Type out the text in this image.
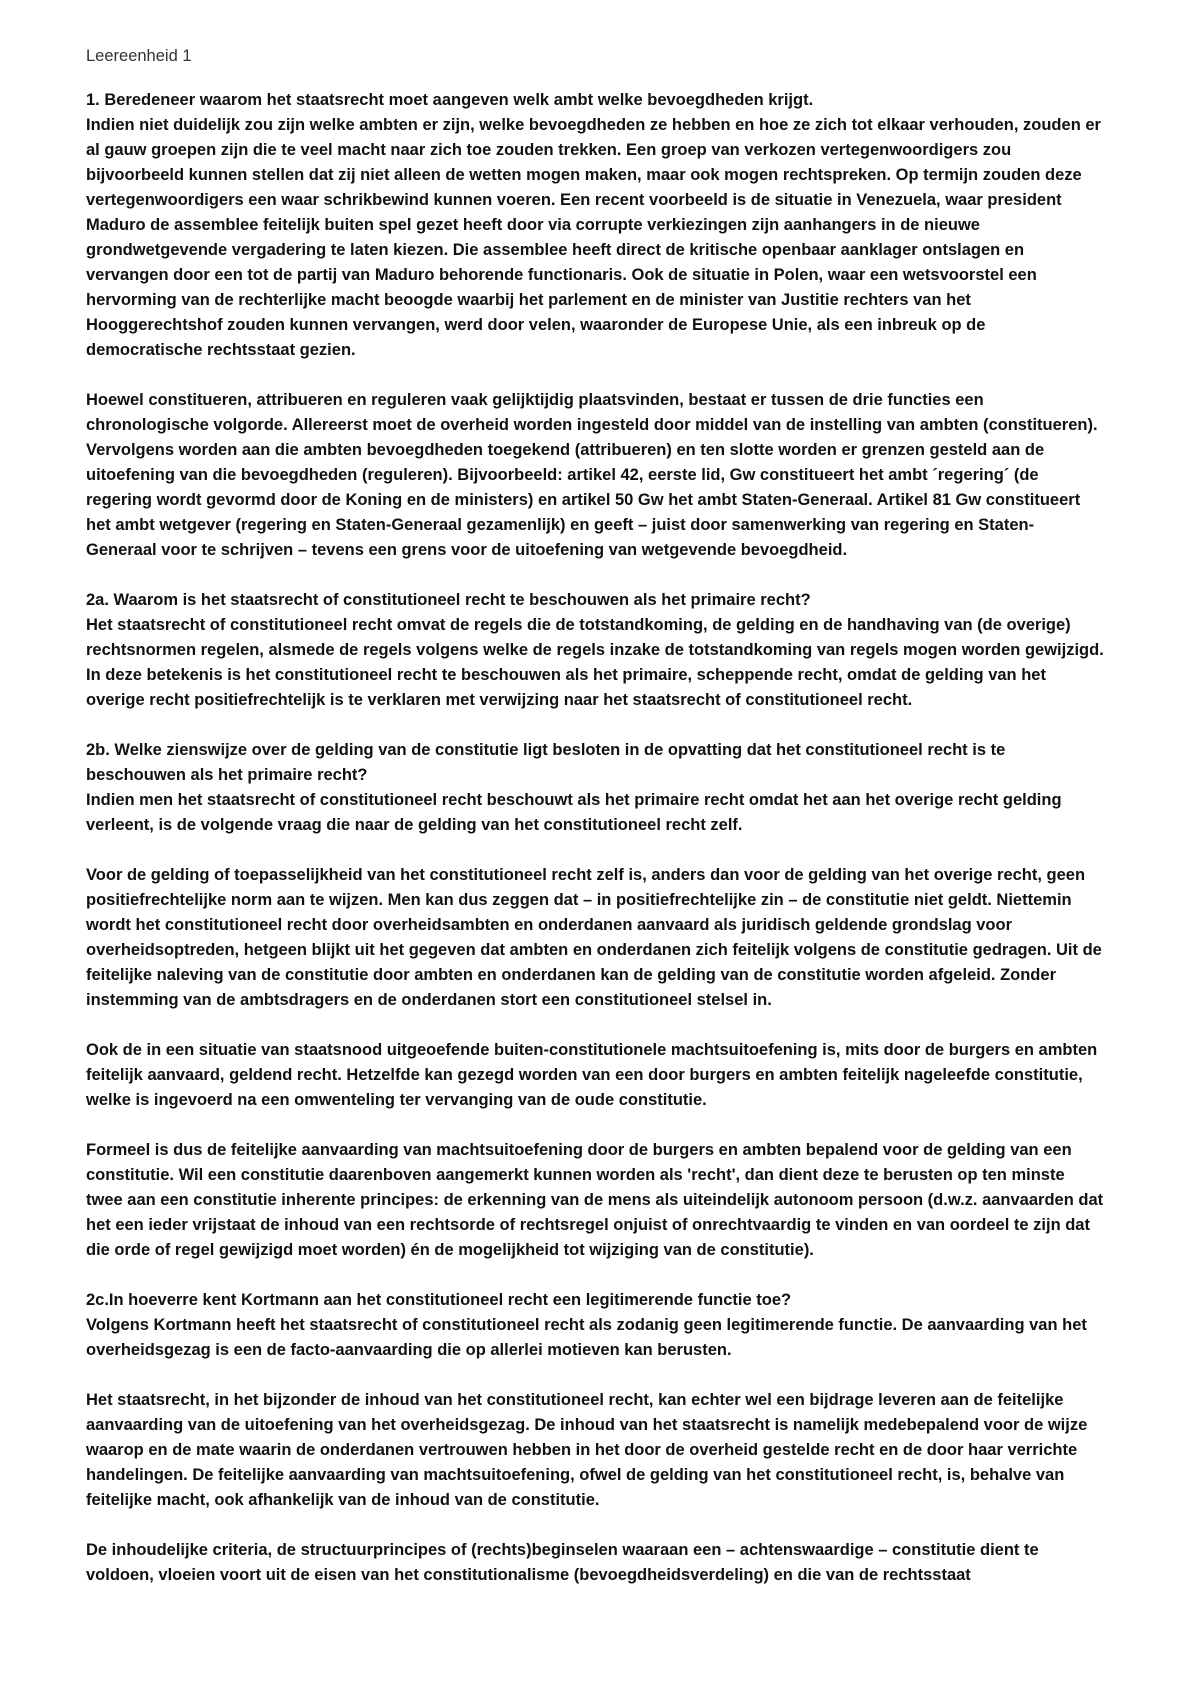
Leereenheid 1
1. Beredeneer waarom het staatsrecht moet aangeven welk ambt welke bevoegdheden krijgt.
Indien niet duidelijk zou zijn welke ambten er zijn, welke bevoegdheden ze hebben en hoe ze zich tot elkaar verhouden, zouden er al gauw groepen zijn die te veel macht naar zich toe zouden trekken. Een groep van verkozen vertegenwoordigers zou bijvoorbeeld kunnen stellen dat zij niet alleen de wetten mogen maken, maar ook mogen rechtspreken. Op termijn zouden deze vertegenwoordigers een waar schrikbewind kunnen voeren. Een recent voorbeeld is de situatie in Venezuela, waar president Maduro de assemblee feitelijk buiten spel gezet heeft door via corrupte verkiezingen zijn aanhangers in de nieuwe grondwetgevende vergadering te laten kiezen. Die assemblee heeft direct de kritische openbaar aanklager ontslagen en vervangen door een tot de partij van Maduro behorende functionaris. Ook de situatie in Polen, waar een wetsvoorstel een hervorming van de rechterlijke macht beoogde waarbij het parlement en de minister van Justitie rechters van het Hooggerechtshof zouden kunnen vervangen, werd door velen, waaronder de Europese Unie, als een inbreuk op de democratische rechtsstaat gezien.

Hoewel constitueren, attribueren en reguleren vaak gelijktijdig plaatsvinden, bestaat er tussen de drie functies een chronologische volgorde. Allereerst moet de overheid worden ingesteld door middel van de instelling van ambten (constitueren). Vervolgens worden aan die ambten bevoegdheden toegekend (attribueren) en ten slotte worden er grenzen gesteld aan de uitoefening van die bevoegdheden (reguleren). Bijvoorbeeld: artikel 42, eerste lid, Gw constitueert het ambt ´regering´ (de regering wordt gevormd door de Koning en de ministers) en artikel 50 Gw het ambt Staten-Generaal. Artikel 81 Gw constitueert het ambt wetgever (regering en Staten-Generaal gezamenlijk) en geeft – juist door samenwerking van regering en Staten-Generaal voor te schrijven – tevens een grens voor de uitoefening van wetgevende bevoegdheid.

2a. Waarom is het staatsrecht of constitutioneel recht te beschouwen als het primaire recht?
Het staatsrecht of constitutioneel recht omvat de regels die de totstandkoming, de gelding en de handhaving van (de overige) rechtsnormen regelen, alsmede de regels volgens welke de regels inzake de totstandkoming van regels mogen worden gewijzigd. In deze betekenis is het constitutioneel recht te beschouwen als het primaire, scheppende recht, omdat de gelding van het overige recht positiefrechtelijk is te verklaren met verwijzing naar het staatsrecht of constitutioneel recht.
2b. Welke zienswijze over de gelding van de constitutie ligt besloten in de opvatting dat het constitutioneel recht is te beschouwen als het primaire recht?
Indien men het staatsrecht of constitutioneel recht beschouwt als het primaire recht omdat het aan het overige recht gelding verleent, is de volgende vraag die naar de gelding van het constitutioneel recht zelf.

Voor de gelding of toepasselijkheid van het constitutioneel recht zelf is, anders dan voor de gelding van het overige recht, geen positiefrechtelijke norm aan te wijzen. Men kan dus zeggen dat – in positiefrechtelijke zin – de constitutie niet geldt. Niettemin wordt het constitutioneel recht door overheidsambten en onderdanen aanvaard als juridisch geldende grondslag voor overheidsoptreden, hetgeen blijkt uit het gegeven dat ambten en onderdanen zich feitelijk volgens de constitutie gedragen. Uit de feitelijke naleving van de constitutie door ambten en onderdanen kan de gelding van de constitutie worden afgeleid. Zonder instemming van de ambtsdragers en de onderdanen stort een constitutioneel stelsel in.

Ook de in een situatie van staatsnood uitgeoefende buiten-constitutionele machtsuitoefening is, mits door de burgers en ambten feitelijk aanvaard, geldend recht. Hetzelfde kan gezegd worden van een door burgers en ambten feitelijk nageleefde constitutie, welke is ingevoerd na een omwenteling ter vervanging van de oude constitutie.

Formeel is dus de feitelijke aanvaarding van machtsuitoefening door de burgers en ambten bepalend voor de gelding van een constitutie. Wil een constitutie daarenboven aangemerkt kunnen worden als 'recht', dan dient deze te berusten op ten minste twee aan een constitutie inherente principes: de erkenning van de mens als uiteindelijk autonoom persoon (d.w.z. aanvaarden dat het een ieder vrijstaat de inhoud van een rechtsorde of rechtsregel onjuist of onrechtvaardig te vinden en van oordeel te zijn dat die orde of regel gewijzigd moet worden) én de mogelijkheid tot wijziging van de constitutie).

2c.In hoeverre kent Kortmann aan het constitutioneel recht een legitimerende functie toe?
Volgens Kortmann heeft het staatsrecht of constitutioneel recht als zodanig geen legitimerende functie. De aanvaarding van het overheidsgezag is een de facto-aanvaarding die op allerlei motieven kan berusten.

Het staatsrecht, in het bijzonder de inhoud van het constitutioneel recht, kan echter wel een bijdrage leveren aan de feitelijke aanvaarding van de uitoefening van het overheidsgezag. De inhoud van het staatsrecht is namelijk medebepalend voor de wijze waarop en de mate waarin de onderdanen vertrouwen hebben in het door de overheid gestelde recht en de door haar verrichte handelingen. De feitelijke aanvaarding van machtsuitoefening, ofwel de gelding van het constitutioneel recht, is, behalve van feitelijke macht, ook afhankelijk van de inhoud van de constitutie.

De inhoudelijke criteria, de structuurprincipes of (rechts)beginselen waaraan een – achtenswaardige – constitutie dient te voldoen, vloeien voort uit de eisen van het constitutionalisme (bevoegdheidsverdeling) en die van de rechtsstaat
